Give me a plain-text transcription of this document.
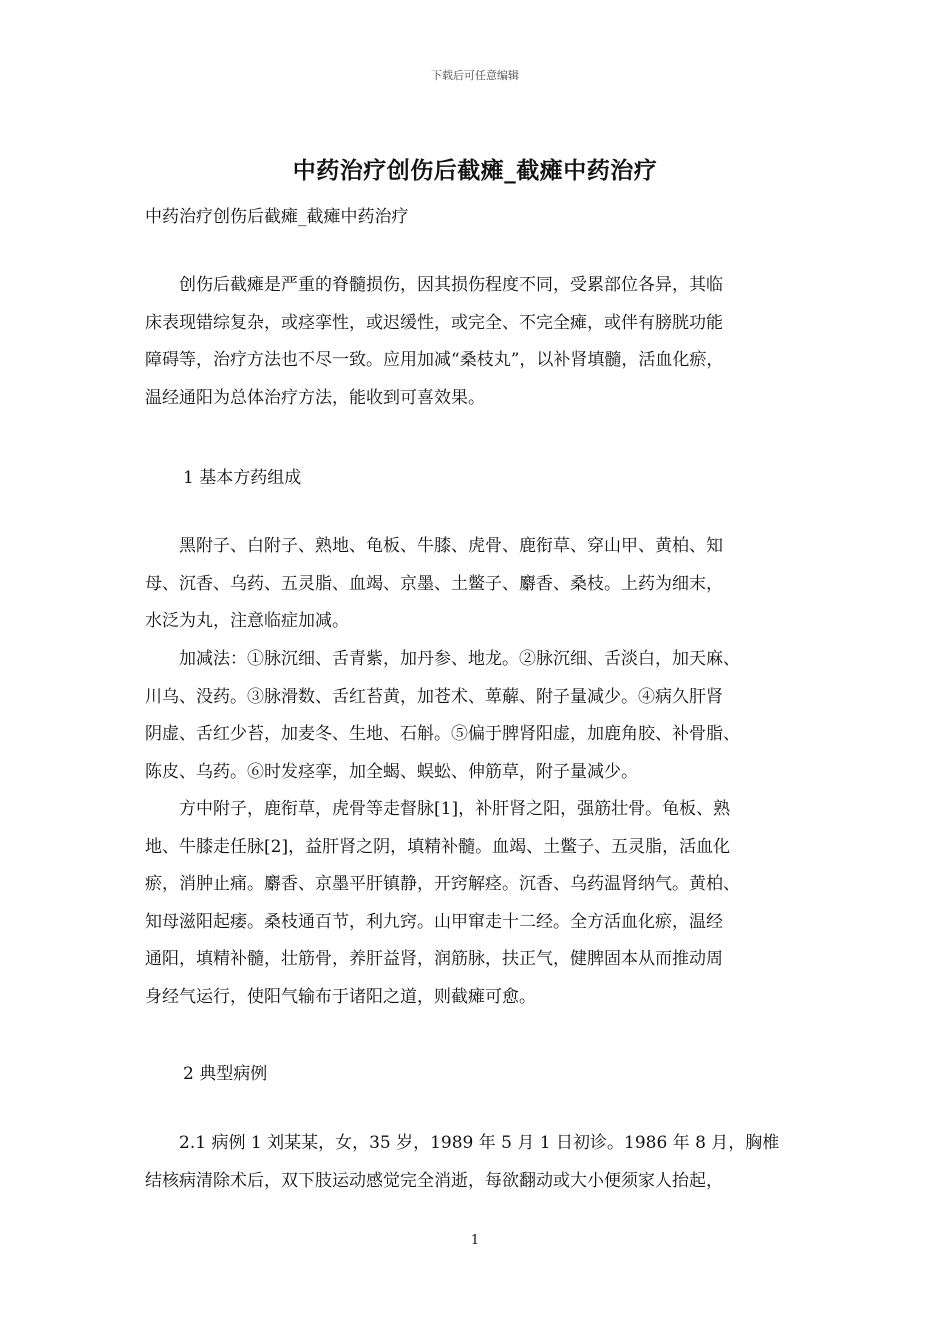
下载后可任意编辑
中药治疗创伤后截瘫_截瘫中药治疗
中药治疗创伤后截瘫_截瘫中药治疗
　　创伤后截瘫是严重的脊髓损伤，因其损伤程度不同，受累部位各异，其临
床表现错综复杂，或痉挛性，或迟缓性，或完全、不完全瘫，或伴有膀胱功能
障碍等，治疗方法也不尽一致。应用加减“桑枝丸”，以补肾填髓，活血化瘀，
温经通阳为总体治疗方法，能收到可喜效果。
1 基本方药组成
　　黑附子、白附子、熟地、龟板、牛膝、虎骨、鹿衔草、穿山甲、黄柏、知
母、沉香、乌药、五灵脂、血竭、京墨、土鳖子、麝香、桑枝。上药为细末，
水泛为丸，注意临症加减。
　　加减法：①脉沉细、舌青紫，加丹参、地龙。②脉沉细、舌淡白，加天麻、
川乌、没药。③脉滑数、舌红苔黄，加苍术、萆薢、附子量减少。④病久肝肾
阴虚、舌红少苔，加麦冬、生地、石斛。⑤偏于脾肾阳虚，加鹿角胶、补骨脂、
陈皮、乌药。⑥时发痉挛，加全蝎、蜈蚣、伸筋草，附子量减少。
　　方中附子，鹿衔草，虎骨等走督脉[1]，补肝肾之阳，强筋壮骨。龟板、熟
地、牛膝走任脉[2]，益肝肾之阴，填精补髓。血竭、土鳖子、五灵脂，活血化
瘀，消肿止痛。麝香、京墨平肝镇静，开窍解痉。沉香、乌药温肾纳气。黄柏、
知母滋阳起痿。桑枝通百节，利九窍。山甲窜走十二经。全方活血化瘀，温经
通阳，填精补髓，壮筋骨，养肝益肾，润筋脉，扶正气，健脾固本从而推动周
身经气运行，使阳气输布于诸阳之道，则截瘫可愈。
2 典型病例
　　2.1 病例 1 刘某某，女，35 岁，1989 年 5 月 1 日初诊。1986 年 8 月，胸椎
结核病清除术后，双下肢运动感觉完全消逝，每欲翻动或大小便须家人抬起，
1
